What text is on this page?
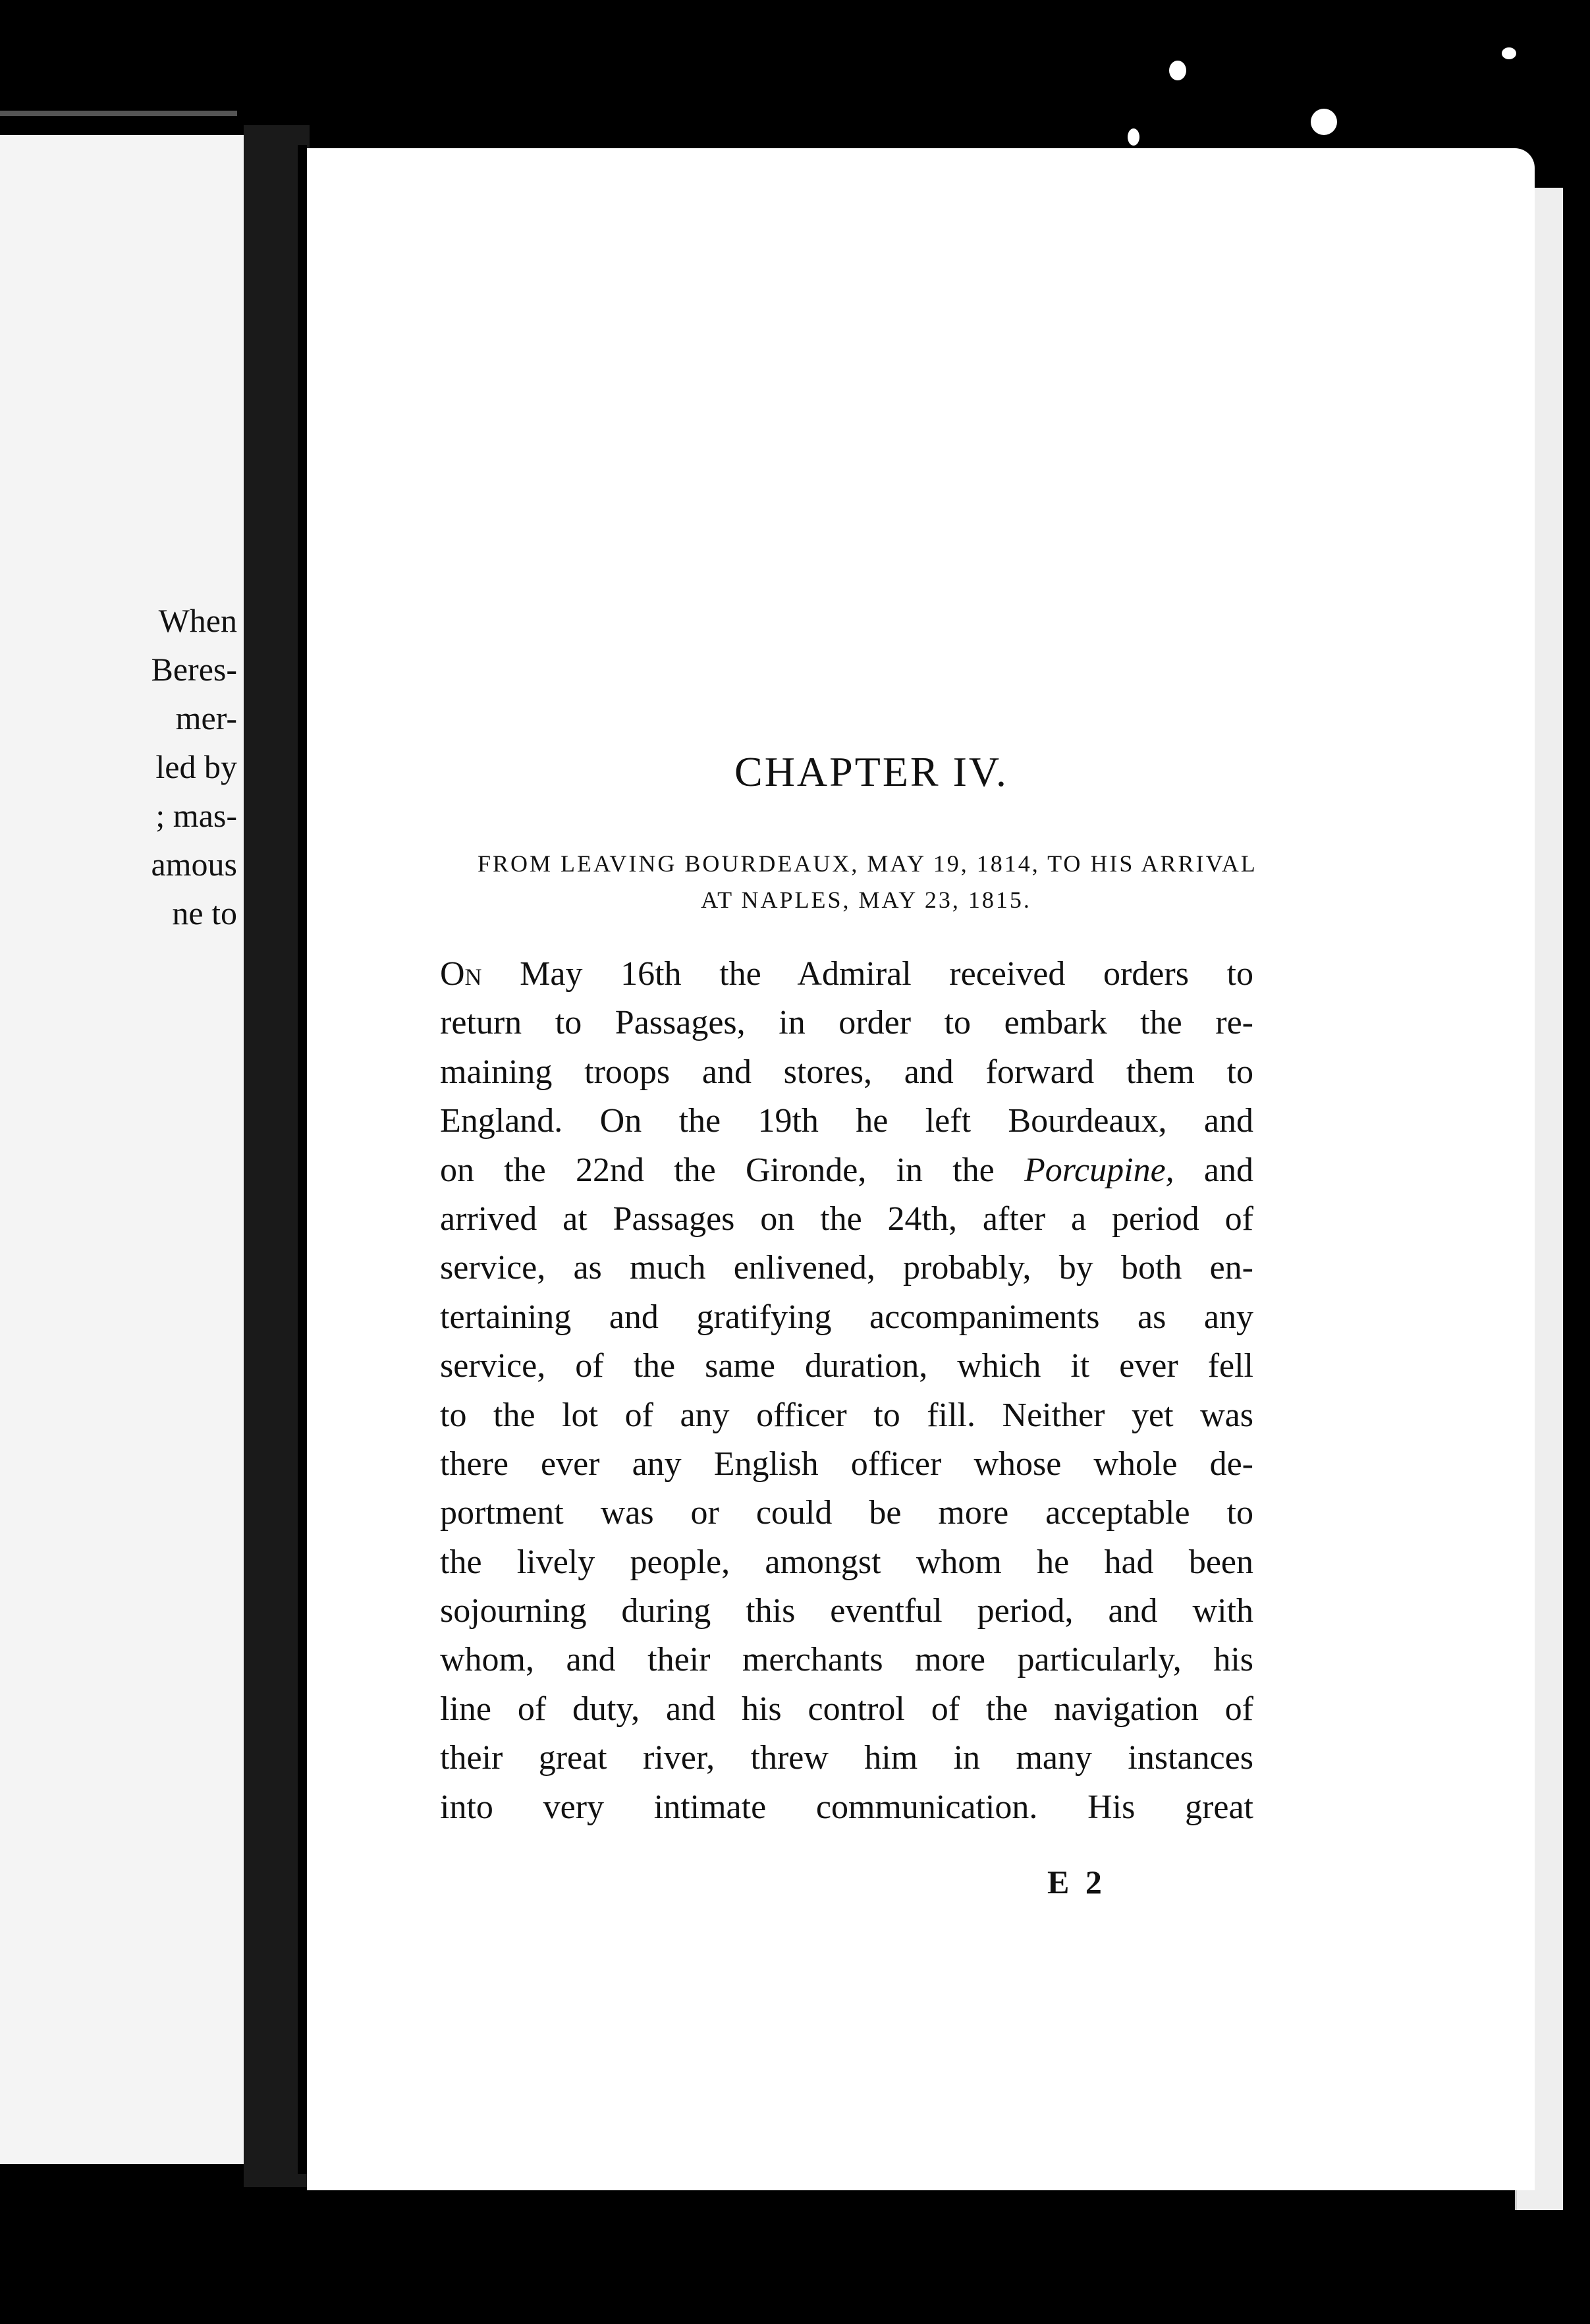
When
Beres-
mer-
led by
; mas-
amous
ne to
CHAPTER IV.
FROM LEAVING BOURDEAUX, MAY 19, 1814, TO HIS ARRIVAL
AT NAPLES, MAY 23, 1815.
On May 16th the Admiral received orders to
return to Passages, in order to embark the re-
maining troops and stores, and forward them to
England. On the 19th he left Bourdeaux, and
on the 22nd the Gironde, in the Porcupine, and
arrived at Passages on the 24th, after a period of
service, as much enlivened, probably, by both en-
tertaining and gratifying accompaniments as any
service, of the same duration, which it ever fell
to the lot of any officer to fill. Neither yet was
there ever any English officer whose whole de-
portment was or could be more acceptable to
the lively people, amongst whom he had been
sojourning during this eventful period, and with
whom, and their merchants more particularly, his
line of duty, and his control of the navigation of
their great river, threw him in many instances
into very intimate communication. His great
E 2
